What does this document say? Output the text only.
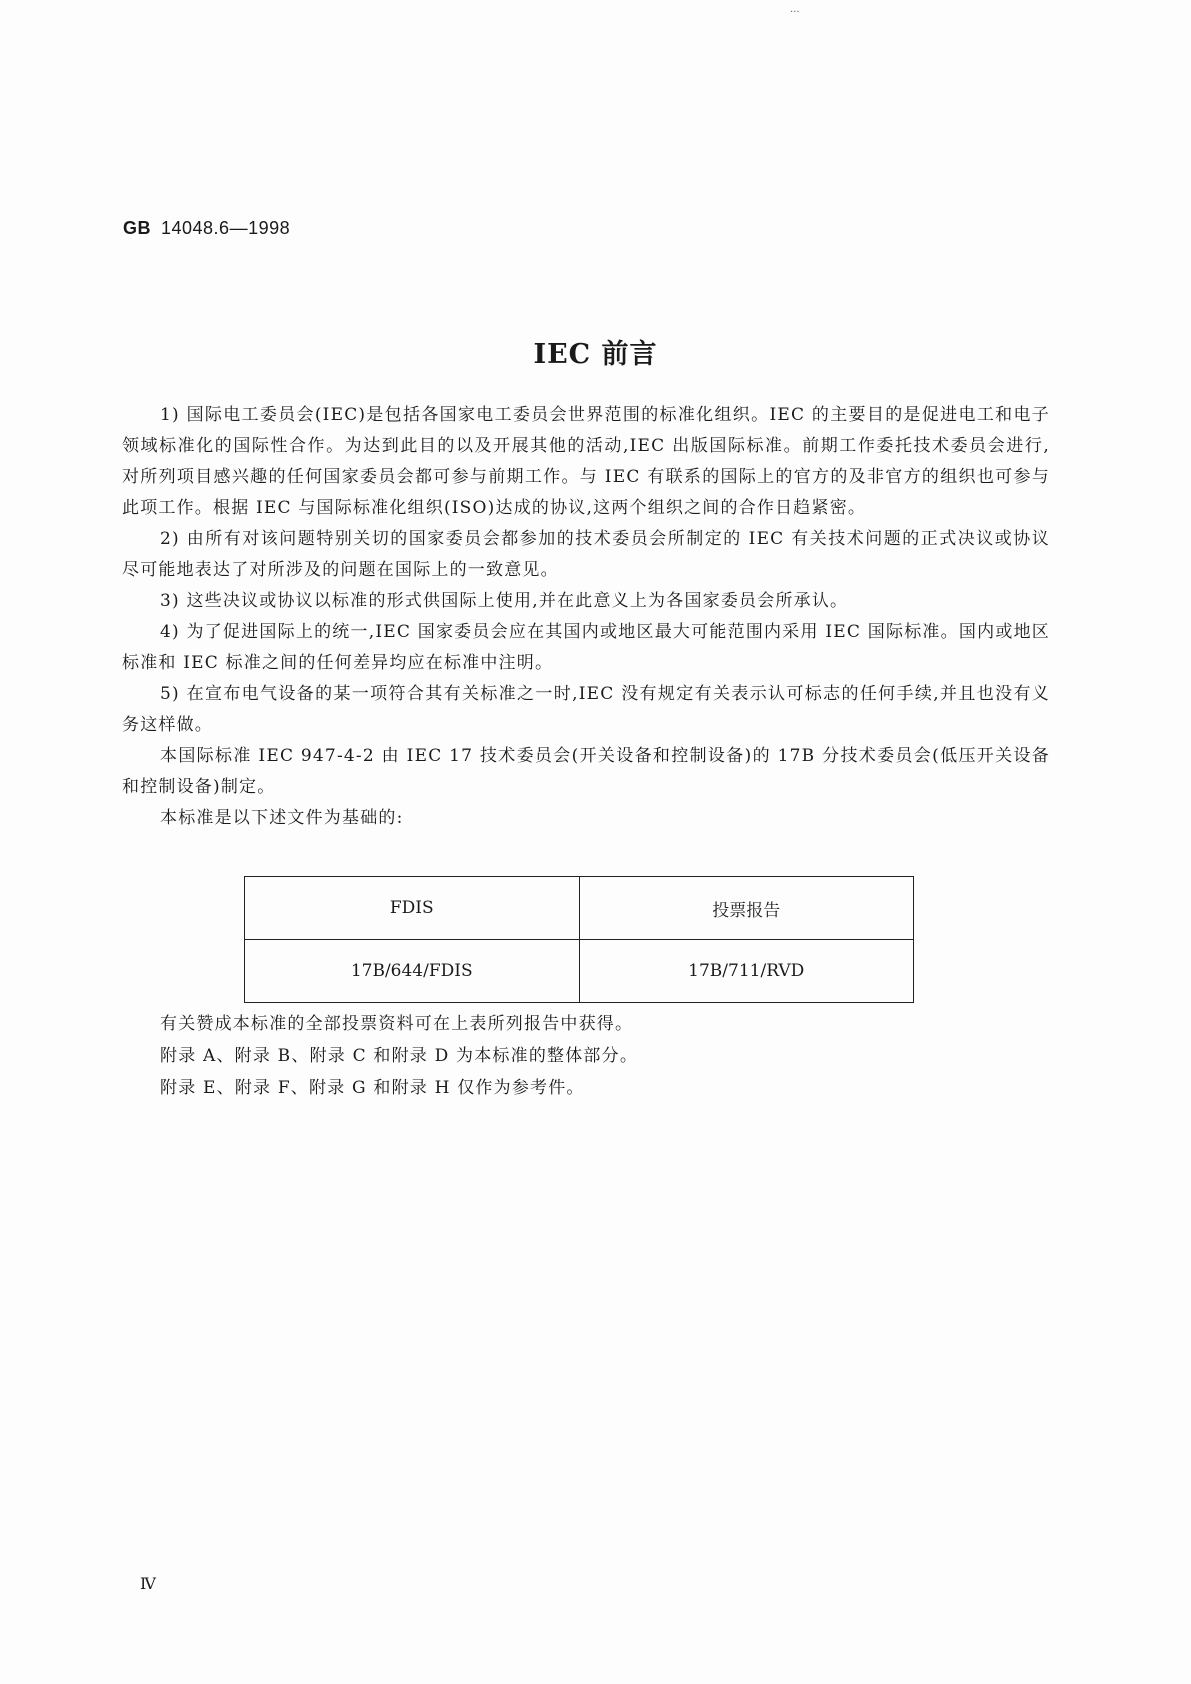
...
GB 14048.6—1998
IEC 前言

1) 国际电工委员会(IEC)是包括各国家电工委员会世界范围的标准化组织。IEC 的主要目的是促进电工和电子领域标准化的国际性合作。为达到此目的以及开展其他的活动,IEC 出版国际标准。前期工作委托技术委员会进行,对所列项目感兴趣的任何国家委员会都可参与前期工作。与 IEC 有联系的国际上的官方的及非官方的组织也可参与此项工作。根据 IEC 与国际标准化组织(ISO)达成的协议,这两个组织之间的合作日趋紧密。

2) 由所有对该问题特别关切的国家委员会都参加的技术委员会所制定的 IEC 有关技术问题的正式决议或协议尽可能地表达了对所涉及的问题在国际上的一致意见。

3) 这些决议或协议以标准的形式供国际上使用,并在此意义上为各国家委员会所承认。

4) 为了促进国际上的统一,IEC 国家委员会应在其国内或地区最大可能范围内采用 IEC 国际标准。国内或地区标准和 IEC 标准之间的任何差异均应在标准中注明。

5) 在宣布电气设备的某一项符合其有关标准之一时,IEC 没有规定有关表示认可标志的任何手续,并且也没有义务这样做。

本国际标准 IEC 947-4-2 由 IEC 17 技术委员会(开关设备和控制设备)的 17B 分技术委员会(低压开关设备和控制设备)制定。

本标准是以下述文件为基础的:

FDIS	投票报告
17B/644/FDIS	17B/711/RVD

有关赞成本标准的全部投票资料可在上表所列报告中获得。

附录 A、附录 B、附录 C 和附录 D 为本标准的整体部分。

附录 E、附录 F、附录 G 和附录 H 仅作为参考件。

Ⅳ
